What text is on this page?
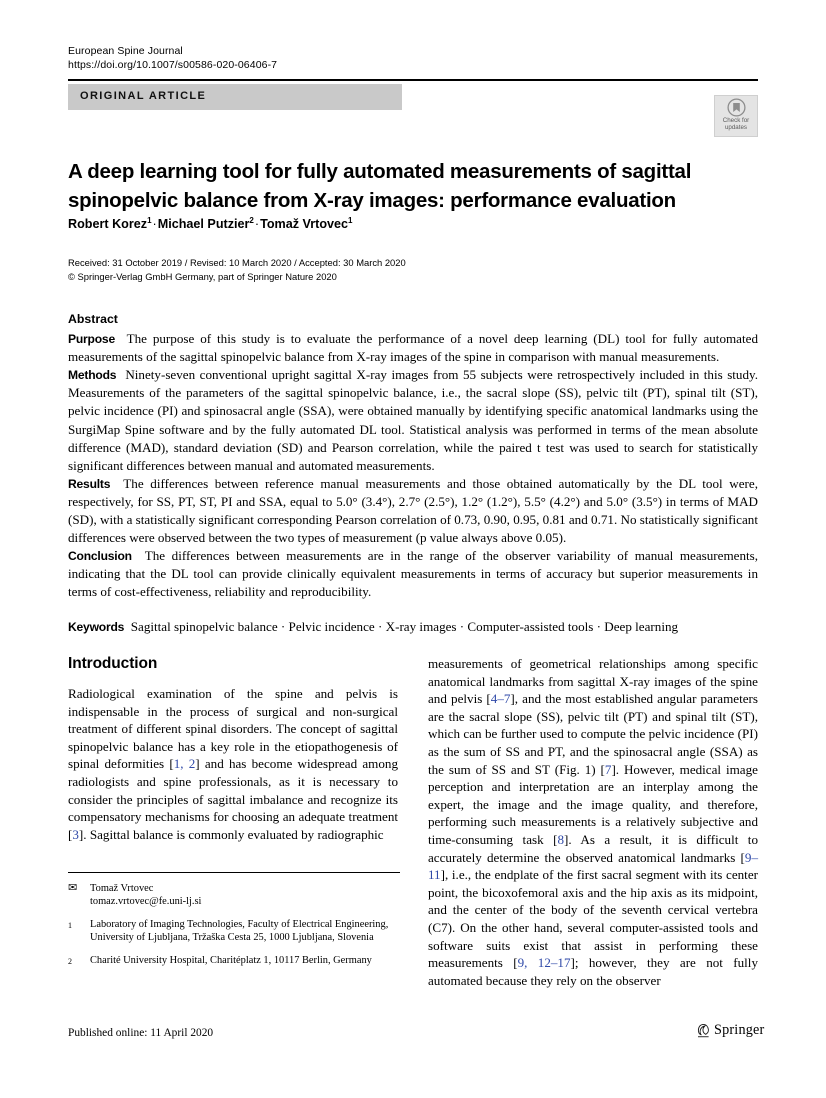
European Spine Journal
https://doi.org/10.1007/s00586-020-06406-7
ORIGINAL ARTICLE
Check for
updates
A deep learning tool for fully automated measurements of sagittal spinopelvic balance from X-ray images: performance evaluation
Robert Korez$^1$·Michael Putzier$^2$·Tomaž Vrtovec$^1$
Received: 31 October 2019 / Revised: 10 March 2020 / Accepted: 30 March 2020
© Springer-Verlag GmbH Germany, part of Springer Nature 2020
Abstract

Purpose The purpose of this study is to evaluate the performance of a novel deep learning (DL) tool for fully automated measurements of the sagittal spinopelvic balance from X-ray images of the spine in comparison with manual measurements.

Methods Ninety-seven conventional upright sagittal X-ray images from 55 subjects were retrospectively included in this study. Measurements of the parameters of the sagittal spinopelvic balance, i.e., the sacral slope (SS), pelvic tilt (PT), spinal tilt (ST), pelvic incidence (PI) and spinosacral angle (SSA), were obtained manually by identifying specific anatomical landmarks using the SurgiMap Spine software and by the fully automated DL tool. Statistical analysis was performed in terms of the mean absolute difference (MAD), standard deviation (SD) and Pearson correlation, while the paired t test was used to search for statistically significant differences between manual and automated measurements.

Results The differences between reference manual measurements and those obtained automatically by the DL tool were, respectively, for SS, PT, ST, PI and SSA, equal to 5.0° (3.4°), 2.7° (2.5°), 1.2° (1.2°), 5.5° (4.2°) and 5.0° (3.5°) in terms of MAD (SD), with a statistically significant corresponding Pearson correlation of 0.73, 0.90, 0.95, 0.81 and 0.71. No statistically significant differences were observed between the two types of measurement (p value always above 0.05).

Conclusion The differences between measurements are in the range of the observer variability of manual measurements, indicating that the DL tool can provide clinically equivalent measurements in terms of accuracy but superior measurements in terms of cost-effectiveness, reliability and reproducibility.

Keywords Sagittal spinopelvic balance · Pelvic incidence · X-ray images · Computer-assisted tools · Deep learning

Introduction

Radiological examination of the spine and pelvis is indispensable in the process of surgical and non-surgical treatment of different spinal disorders. The concept of sagittal spinopelvic balance has a key role in the etiopathogenesis of spinal deformities [1, 2] and has become widespread among radiologists and spine professionals, as it is necessary to consider the principles of sagittal imbalance and recognize its compensatory mechanisms for choosing an adequate treatment [3]. Sagittal balance is commonly evaluated by radiographic

measurements of geometrical relationships among specific anatomical landmarks from sagittal X-ray images of the spine and pelvis [4–7], and the most established angular parameters are the sacral slope (SS), pelvic tilt (PT) and spinal tilt (ST), which can be further used to compute the pelvic incidence (PI) as the sum of SS and PT, and the spinosacral angle (SSA) as the sum of SS and ST (Fig. 1) [7]. However, medical image perception and interpretation are an interplay among the expert, the image and the image quality, and therefore, performing such measurements is a relatively subjective and time-consuming task [8]. As a result, it is difficult to accurately determine the observed anatomical landmarks [9–11], i.e., the endplate of the first sacral segment with its center point, the bicoxofemoral axis and the hip axis as its midpoint, and the center of the body of the seventh cervical vertebra (C7). On the other hand, several computer-assisted tools and software suits exist that assist in performing these measurements [9, 12–17]; however, they are not fully automated because they rely on the observer

✉	Tomaž Vrtovec
tomaz.vrtovec@fe.uni-lj.si
1	Laboratory of Imaging Technologies, Faculty of Electrical Engineering, University of Ljubljana, Tržaška Cesta 25, 1000 Ljubljana, Slovenia
2	Charité University Hospital, Charitéplatz 1, 10117 Berlin, Germany
Published online: 11 April 2020	Springer
